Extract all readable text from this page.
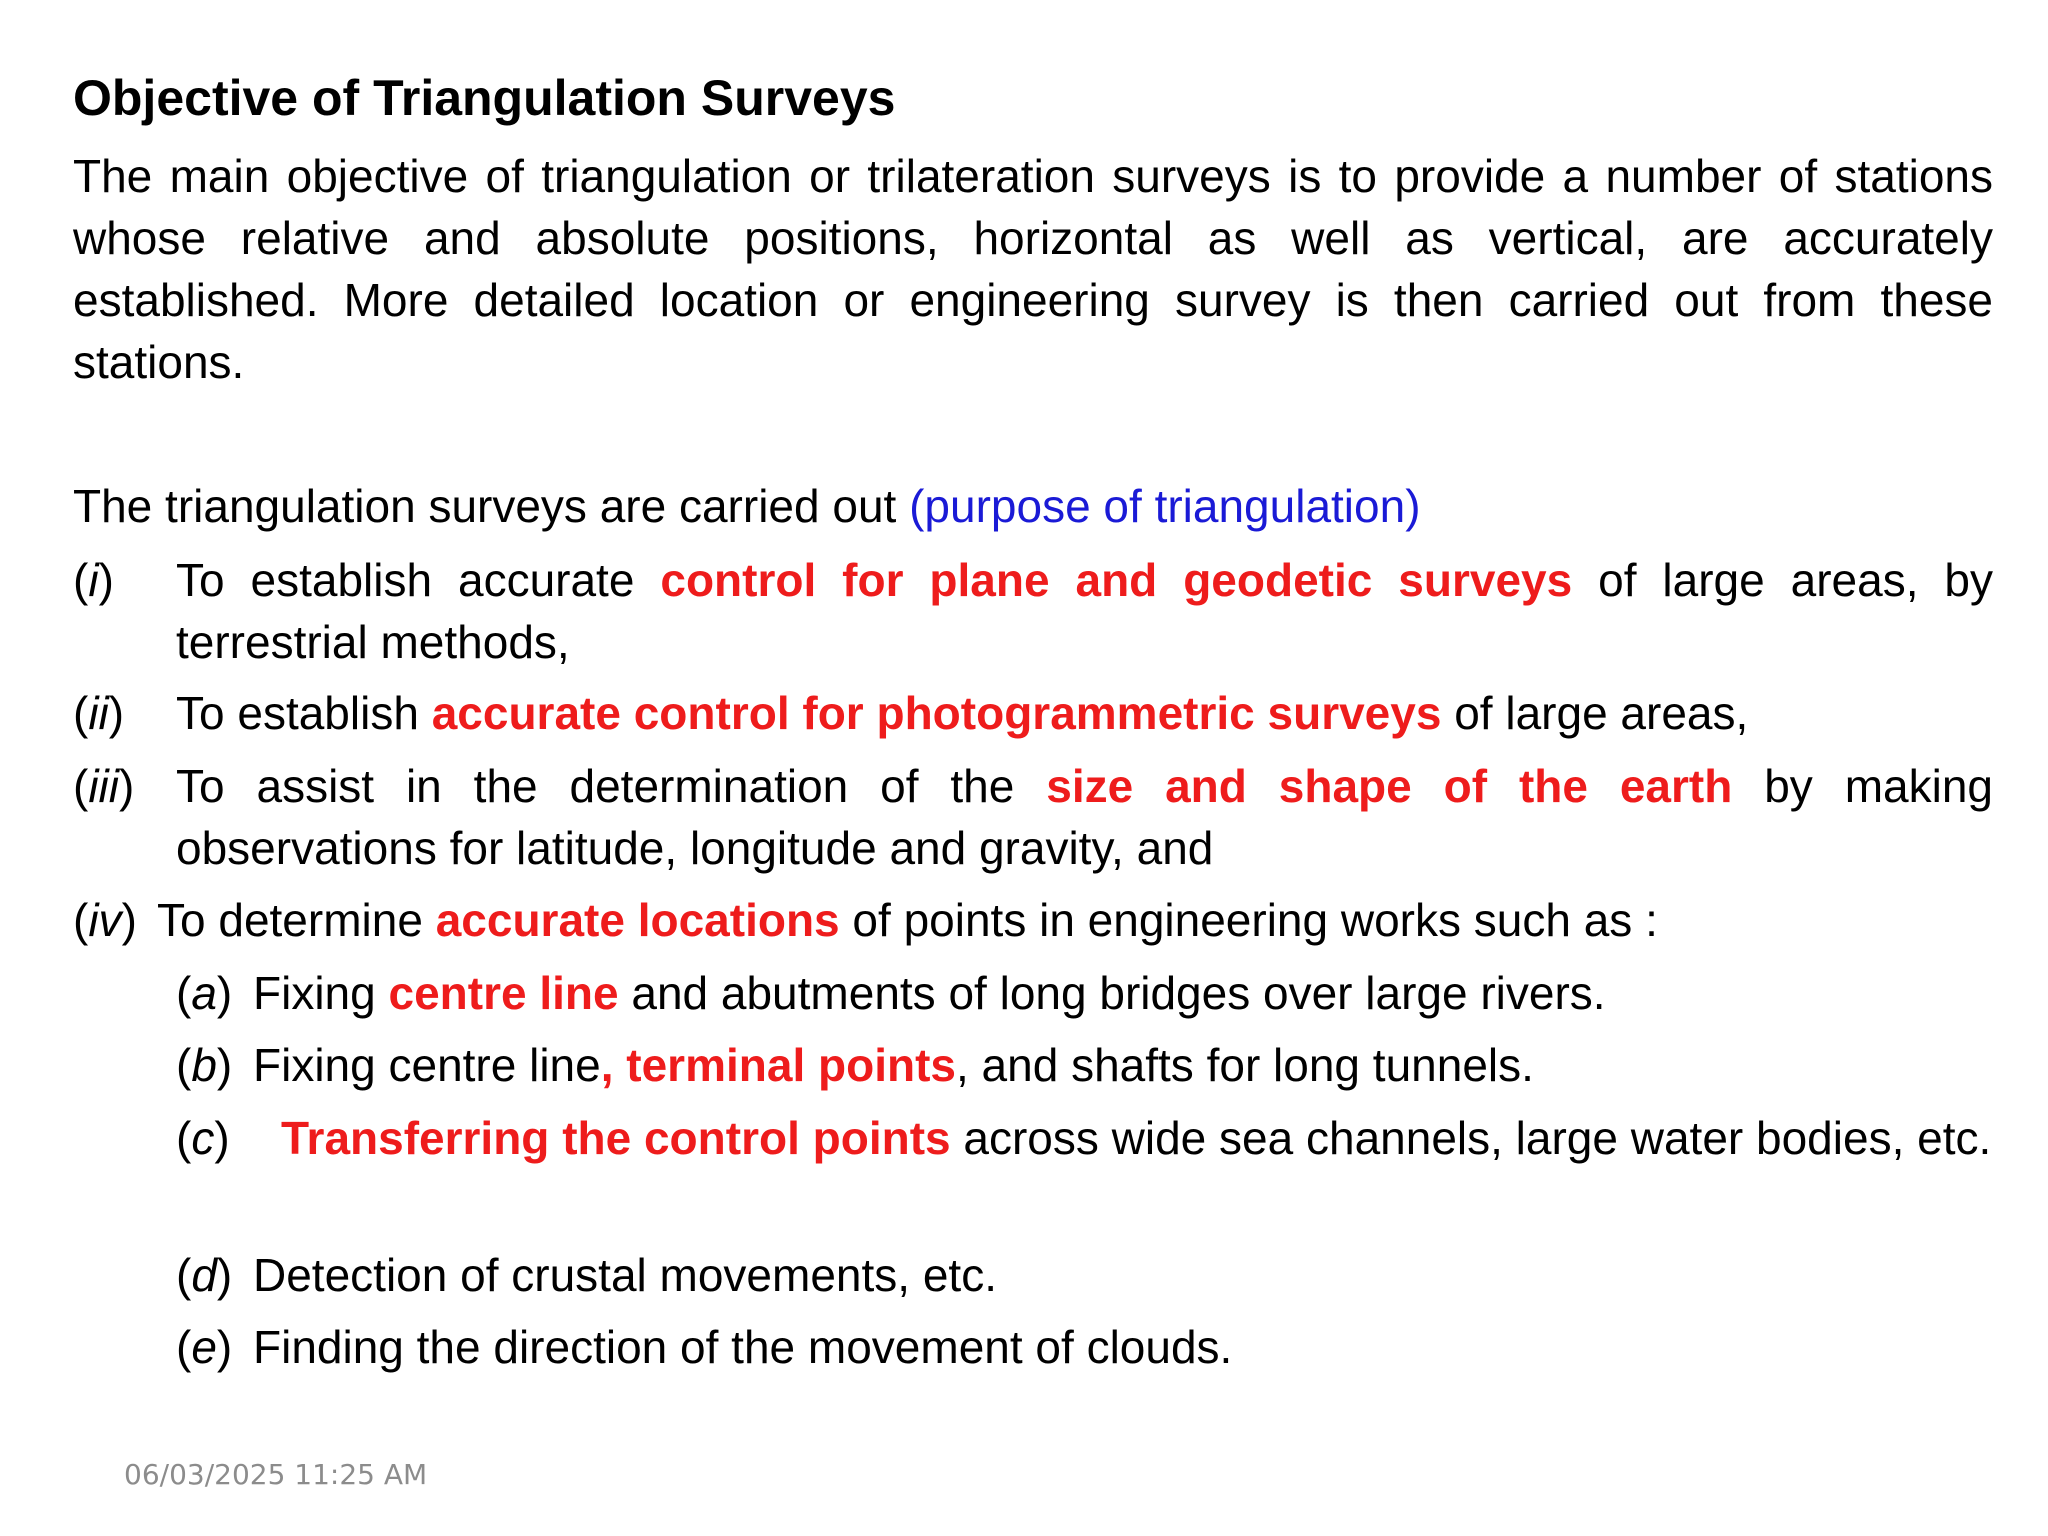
Objective of Triangulation Surveys
The main objective of triangulation or trilateration surveys is to provide a number of stations whose relative and absolute positions, horizontal as well as vertical, are accurately established. More detailed location or engineering survey is then carried out from these stations.
The triangulation surveys are carried out (purpose of triangulation)
(i) To establish accurate control for plane and geodetic surveys of large areas, by terrestrial methods,
(ii) To establish accurate control for photogrammetric surveys of large areas,
(iii) To assist in the determination of the size and shape of the earth by making observations for latitude, longitude and gravity, and
(iv) To determine accurate locations of points in engineering works such as :
(a) Fixing centre line and abutments of long bridges over large rivers.
(b) Fixing centre line, terminal points, and shafts for long tunnels.
(c) Transferring the control points across wide sea channels, large water bodies, etc.
(d) Detection of crustal movements, etc.
(e) Finding the direction of the movement of clouds.
06/03/2025 11:25 AM
